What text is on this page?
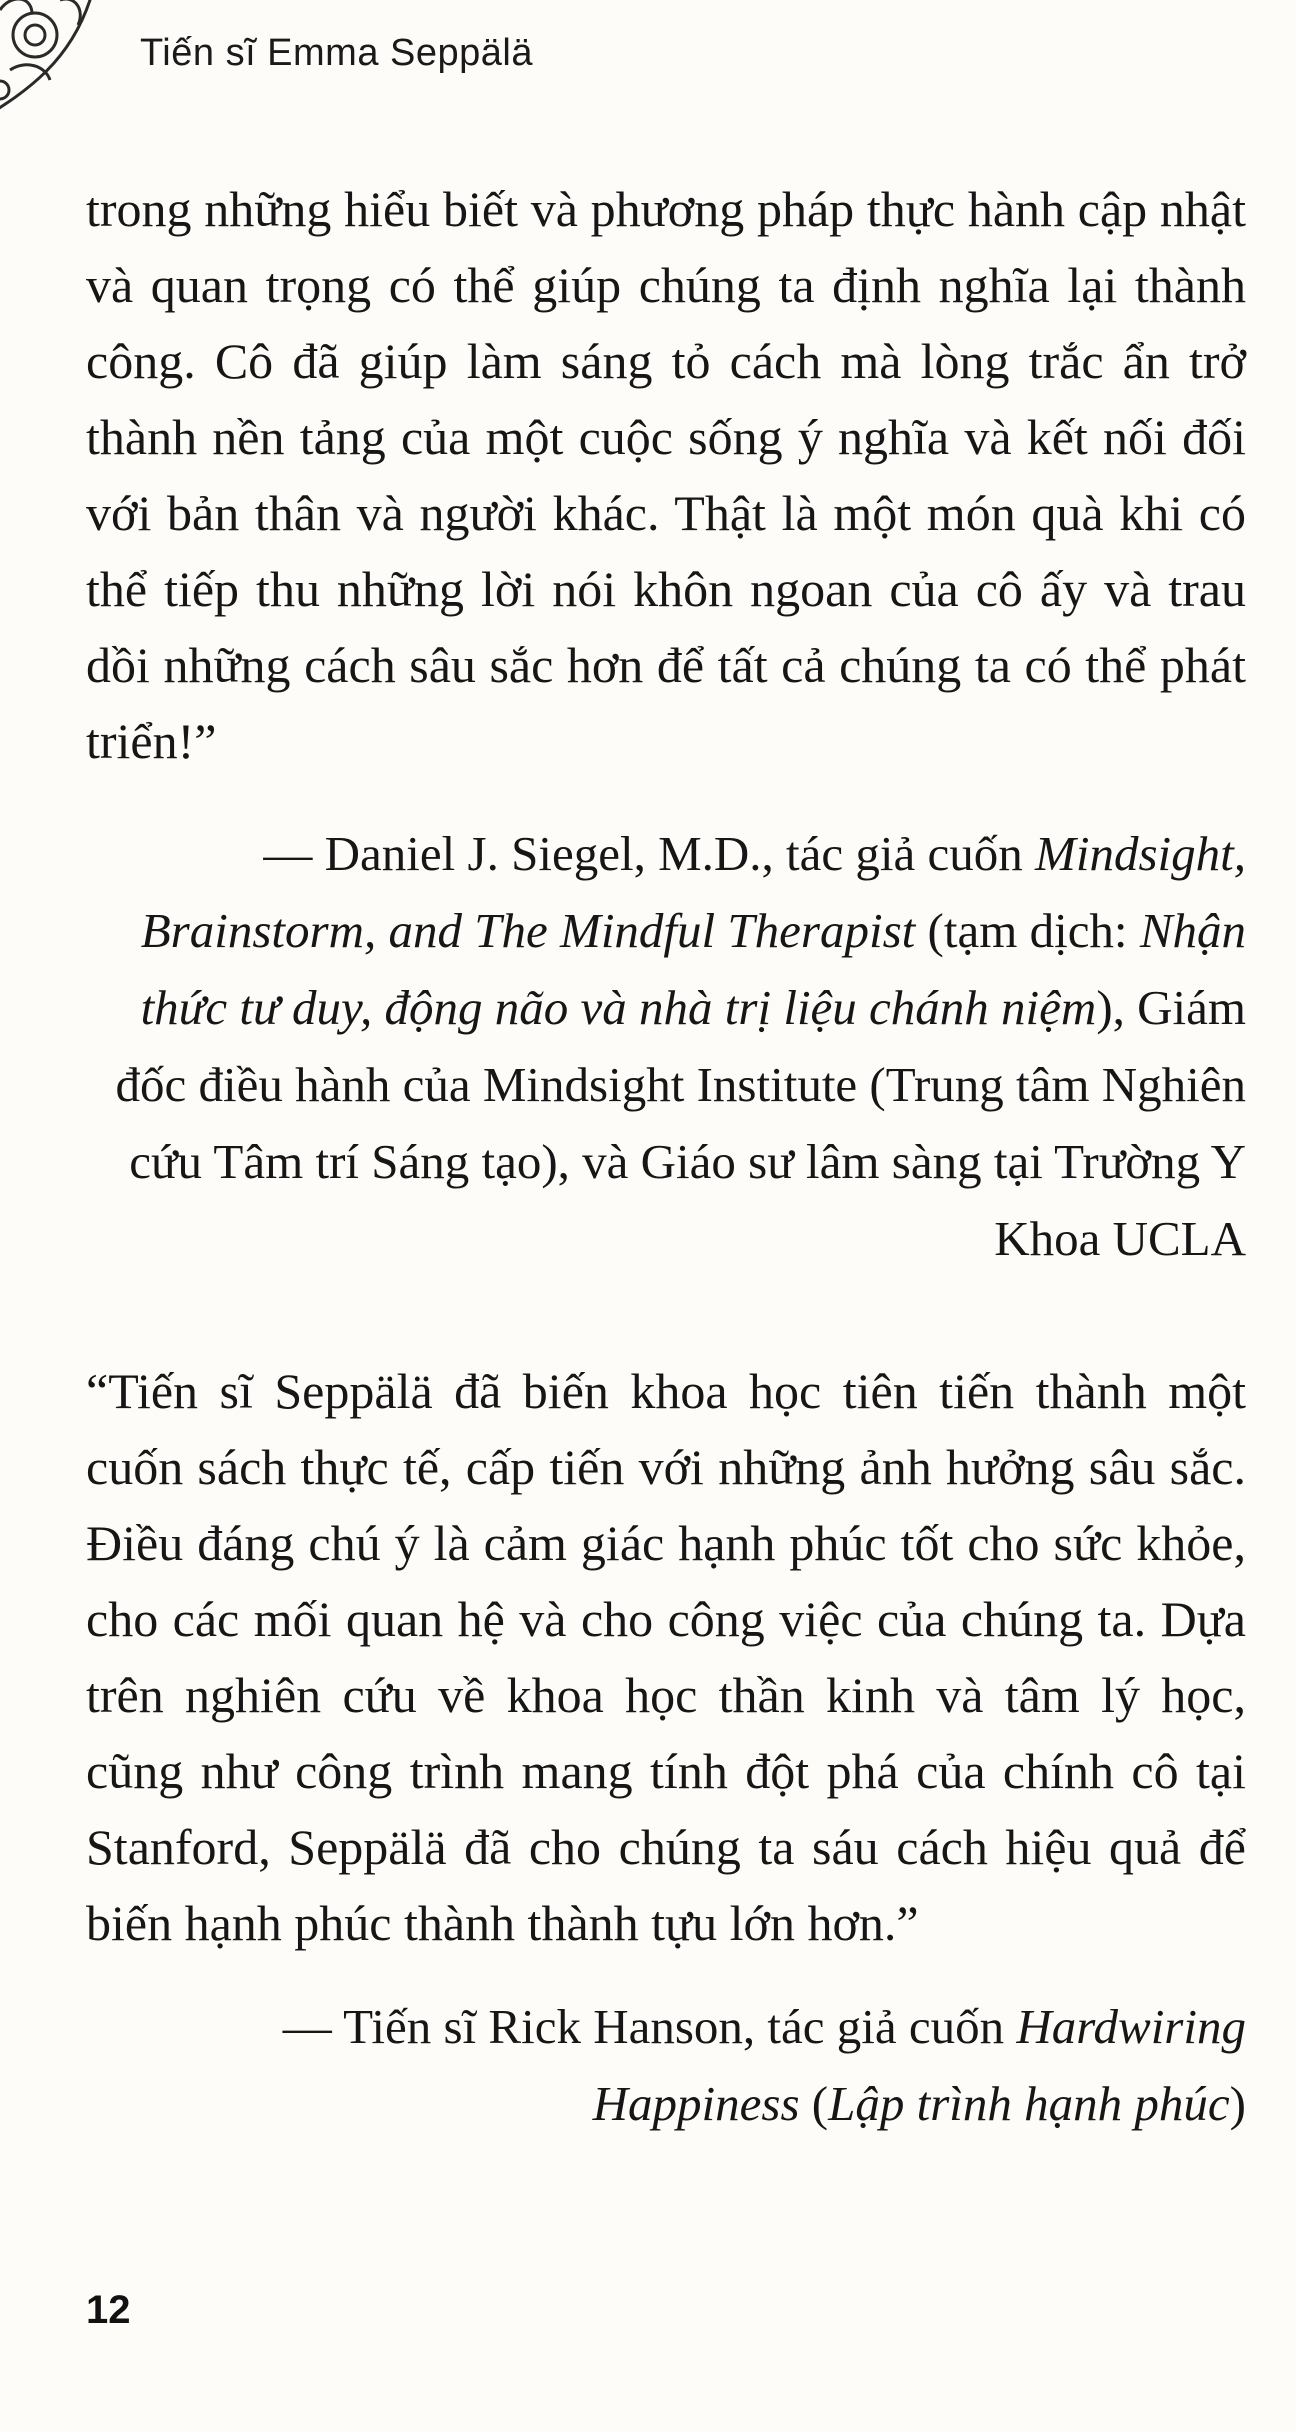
Tiến sĩ Emma Seppälä

trong những hiểu biết và phương pháp thực hành cập nhật và quan trọng có thể giúp chúng ta định nghĩa lại thành công. Cô đã giúp làm sáng tỏ cách mà lòng trắc ẩn trở thành nền tảng của một cuộc sống ý nghĩa và kết nối đối với bản thân và người khác. Thật là một món quà khi có thể tiếp thu những lời nói khôn ngoan của cô ấy và trau dồi những cách sâu sắc hơn để tất cả chúng ta có thể phát triển!”

— Daniel J. Siegel, M.D., tác giả cuốn Mindsight, Brainstorm, and The Mindful Therapist (tạm dịch: Nhận thức tư duy, động não và nhà trị liệu chánh niệm), Giám đốc điều hành của Mindsight Institute (Trung tâm Nghiên cứu Tâm trí Sáng tạo), và Giáo sư lâm sàng tại Trường Y Khoa UCLA

“Tiến sĩ Seppälä đã biến khoa học tiên tiến thành một cuốn sách thực tế, cấp tiến với những ảnh hưởng sâu sắc. Điều đáng chú ý là cảm giác hạnh phúc tốt cho sức khỏe, cho các mối quan hệ và cho công việc của chúng ta. Dựa trên nghiên cứu về khoa học thần kinh và tâm lý học, cũng như công trình mang tính đột phá của chính cô tại Stanford, Seppälä đã cho chúng ta sáu cách hiệu quả để biến hạnh phúc thành thành tựu lớn hơn.”

— Tiến sĩ Rick Hanson, tác giả cuốn Hardwiring Happiness (Lập trình hạnh phúc)

12
